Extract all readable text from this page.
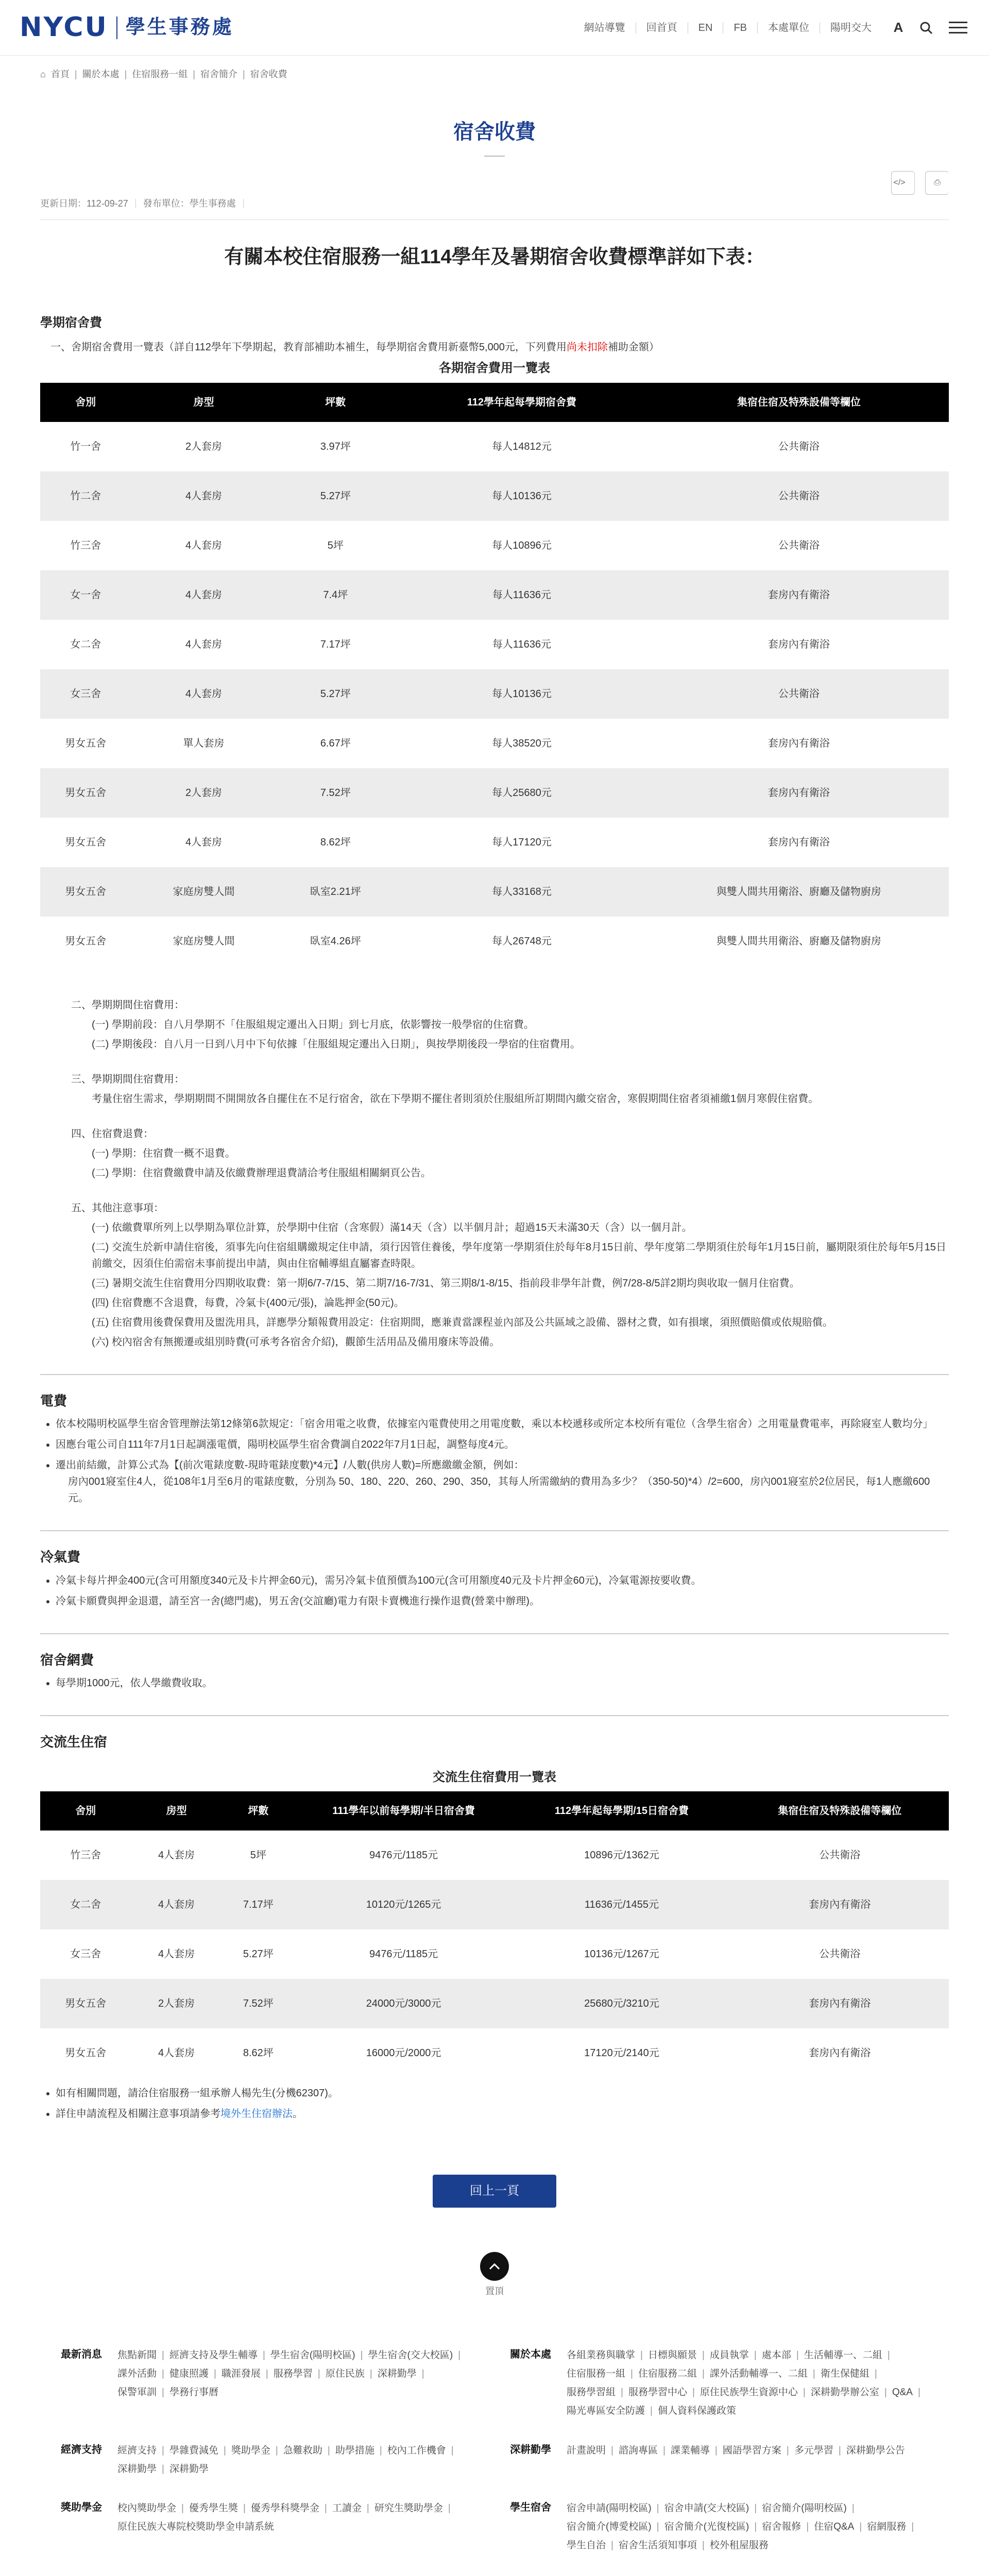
NYCU 學生事務處	網站導覽	回首頁	EN	FB	本處單位	陽明交大	A
⌂ 首頁 | 關於本處 | 住宿服務一組 | 宿舍簡介 | 宿舍收費
宿舍收費
更新日期：112-09-27	發布單位：學生事務處
</>	⎙
有關本校住宿服務一組114學年及暑期宿舍收費標準詳如下表：
學期宿舍費

一、舍期宿舍費用一覽表（詳自112學年下學期起，教育部補助本補生，每學期宿舍費用新臺幣5,000元，下列費用尚未扣除補助金額）

各期宿舍費用一覽表
舍別	房型	坪數	112學年起每學期宿舍費	集宿住宿及特殊設備等欄位
竹一舍	2人套房	3.97坪	每人14812元	公共衛浴
竹二舍	4人套房	5.27坪	每人10136元	公共衛浴
竹三舍	4人套房	5坪	每人10896元	公共衛浴
女一舍	4人套房	7.4坪	每人11636元	套房內有衛浴
女二舍	4人套房	7.17坪	每人11636元	套房內有衛浴
女三舍	4人套房	5.27坪	每人10136元	公共衛浴
男女五舍	單人套房	6.67坪	每人38520元	套房內有衛浴
男女五舍	2人套房	7.52坪	每人25680元	套房內有衛浴
男女五舍	4人套房	8.62坪	每人17120元	套房內有衛浴
男女五舍	家庭房雙人間	臥室2.21坪	每人33168元	與雙人間共用衛浴、廚廳及儲物廚房
男女五舍	家庭房雙人間	臥室4.26坪	每人26748元	與雙人間共用衛浴、廚廳及儲物廚房
二、學期期間住宿費用：
(一) 學期前段：自八月學期不「住服組規定遷出入日期」到七月底，依影響按一般學宿的住宿費。
(二) 學期後段：自八月一日到八月中下旬依據「住服組規定遷出入日期」，與按學期後段一學宿的住宿費用。
三、學期期間住宿費用：
考量住宿生需求，學期期間不開開放各自擺住在不足行宿舍，欲在下學期不擺住者則須於住服組所訂期間內繳交宿舍，寒假期間住宿者須補繳1個月寒假住宿費。
四、住宿費退費：
(一) 學期：住宿費一概不退費。
(二) 學期：住宿費繳費申請及依繳費辦理退費請洽考住服組相關網頁公告。
五、其他注意事項：
(一) 依繳費單所列上以學期為單位計算，於學期中住宿（含寒假）滿14天（含）以半個月計；超過15天未滿30天（含）以一個月計。
(二) 交流生於新申請住宿後，須事先向住宿組購繳規定住申請，須行因管住養後，學年度第一學期須住於每年8月15日前、學年度第二學期須住於每年1月15日前，屬期限須住於每年5月15日前繳交，因須住伯需宿未事前提出申請，與由住宿輔導組直屬審查時限。
(三) 暑期交流生住宿費用分四期收取費：第一期6/7-7/15、第二期7/16-7/31、第三期8/1-8/15、指前段非學年計費，例7/28-8/5詳2期均與收取一個月住宿費。
(四) 住宿費應不含退費，每費，冷氣卡(400元/張)，論匙押金(50元)。
(五) 住宿費用後費保費用及盥洗用具，詳應學分類報費用設定：住宿期間，應兼責當課程並內部及公共區域之設備、器材之費，如有損壞，須照價賠償或依規賠償。
(六) 校內宿舍有無搬遷或組別時費(可承考各宿舍介紹)，觀節生活用品及備用廢床等設備。
電費
• 依本校陽明校區學生宿舍管理辦法第12條第6款規定：「宿舍用電之收費，依據室內電費使用之用電度數，乘以本校遞移或所定本校所有電位（含學生宿舍）之用電量費電率，再除寢室人數均分」
• 因應台電公司自111年7月1日起調漲電價，陽明校區學生宿舍費調自2022年7月1日起，調整每度4元。
• 遷出前結繳，計算公式為【(前次電錶度數-現時電錶度數)*4元】/人數(供房人數)=所應繳繳金額，例如：
房內001寢室住4人，從108年1月至6月的電錶度數，分別為 50、180、220、260、290、350，其每人所需繳納的費用為多少？（350-50)*4）/2=600，房內001寢室於2位居民，每1人應繳600元。
冷氣費
• 冷氣卡每片押金400元(含可用額度340元及卡片押金60元)，需另冷氣卡值預價為100元(含可用額度40元及卡片押金60元)，冷氣電源按要收費。
• 冷氣卡願費與押金退還，請至宮一舍(總門處)，男五舍(交誼廳)電力有限卡賣機進行操作退費(營業中辦理)。
宿舍網費
• 每學期1000元，依人學繳費收取。
交流生住宿
交流生住宿費用一覽表
舍別	房型	坪數	111學年以前每學期/半日宿舍費	112學年起每學期/15日宿舍費	集宿住宿及特殊設備等欄位
竹三舍	4人套房	5坪	9476元/1185元	10896元/1362元	公共衛浴
女二舍	4人套房	7.17坪	10120元/1265元	11636元/1455元	套房內有衛浴
女三舍	4人套房	5.27坪	9476元/1185元	10136元/1267元	公共衛浴
男女五舍	2人套房	7.52坪	24000元/3000元	25680元/3210元	套房內有衛浴
男女五舍	4人套房	8.62坪	16000元/2000元	17120元/2140元	套房內有衛浴
• 如有相關問題，請洽住宿服務一組承辦人楊先生(分機62307)。
• 詳住申請流程及相關注意事項請參考境外生住宿辦法。
回上一頁
置頂
最新消息	焦點新聞 | 經濟支持及學生輔導 | 學生宿舍(陽明校區) | 學生宿舍(交大校區) |課外活動 | 健康照護 | 職涯發展 | 服務學習 | 原住民族 | 深耕勤學 |保警軍訓 | 學務行事曆
關於本處	各組業務與職掌 | 日標與願景 | 成員執掌 | 處本部 | 生活輔導一、二組 |住宿服務一組 | 住宿服務二組 | 課外活動輔導一、二組 | 衛生保健組 |服務學習組 | 服務學習中心 | 原住民族學生資源中心 | 深耕勤學辦公室 | Q&A |陽光專區安全防護 | 個人資料保護政策
經濟支持	經濟支持 | 學雜費減免 | 獎助學金 | 急難救助 | 助學措施 | 校內工作機會 |深耕勤學 | 深耕勤學
深耕勤學	計畫說明 | 諮詢專區 | 課業輔導 | 國語學習方案 | 多元學習 | 深耕勤學公告
獎助學金	校內獎助學金 | 優秀學生獎 | 優秀學科獎學金 | 工讀金 | 研究生獎助學金 |原住民族大專院校獎助學金申請系統
學生宿舍	宿舍申請(陽明校區) | 宿舍申請(交大校區) | 宿舍簡介(陽明校區) |宿舍簡介(博愛校區) | 宿舍簡介(光復校區) | 宿舍報修 | 住宿Q&A | 宿網服務 |學生自治 | 宿舍生活須知事項 | 校外租屋服務
|||||
|||||
